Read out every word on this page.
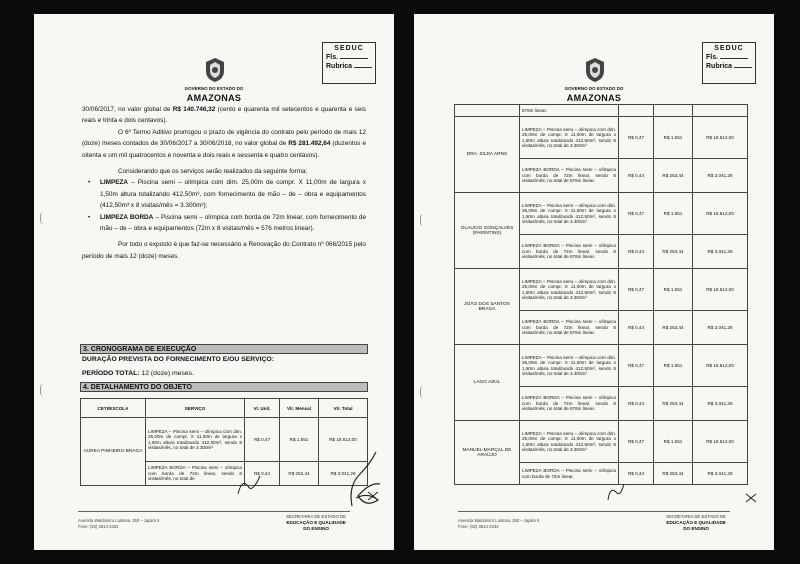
SEDUC
Fls.
Rubrica
GOVERNO DO ESTADO DO
AMAZONAS

30/06/2017, no valor global de R$ 140.746,32 (cento e quarenta mil setecentos e quarenta e seis reais e trinta e dois centavos).

O 6º Termo Aditivo prorrogou o prazo de vigência do contrato pelo período de mais 12 (doze) meses contados de 30/06/2017 a 30/06/2018, no valor global de R$ 281.492,64 (duzentos e oitenta e um mil quatrocentos e noventa e dois reais e sessenta e quatro centavos).

Considerando que os serviços serão realizados da seguinte forma:

• LIMPEZA – Piscina semi – olímpica com dim. 25,00m de compr. X 11,00m de largura x 1,50m altura totalizando 412,50m³, com fornecimento de mão – de – obra e equipamentos (412,50m³ x 8 visitas/mês = 3.300m³);

• LIMPEZA BORDA – Piscina semi – olímpica com borda de 72m linear, com fornecimento de mão – de – obra e equipamentos (72m x 8 visitas/mês = 576 metros linear).

Por todo o exposto é que faz-se necessário a Renovação do Contrato nº 066/2015 pelo período de mais 12 (doze) meses.

3. CRONOGRAMA DE EXECUÇÃO
DURAÇÃO PREVISTA DO FORNECIMENTO E/OU SERVIÇO:
PERÍODO TOTAL: 12 (doze) meses.
4. DETALHAMENTO DO OBJETO
CETI/ESCOLA	SERVIÇO	Vl. Unit.	Vlr. Mensal	Vlr. Total
AUREA PINHEIRO BRAGA	LIMPEZA – Piscina semi – olímpica com dim. 25,00m de compr. X 11,00m de largura x 1,50m altura totalizando 412,50m³, sendo 8 visitas/mês, no total de 3.300m³	R$ 0,47	R$ 1.551	R$ 18.612,00
	LIMPEZA BORDA – Piscina semi – olímpica com borda de 72m linear, sendo 8 visitas/mês, no total de	R$ 0,44	R$ 253,44	R$ 3.041,28
Avenida Waldomiro Lustosa, 250 – Japiim II
Fone: (92) 3614-2333
SECRETARIA DE ESTADO DE
EDUCAÇÃO E QUALIDADE
DO ENSINO
SEDUC
Fls.
Rubrica
GOVERNO DO ESTADO DO
AMAZONAS
	576m linear.			
DRA. ZILDA ARNS	LIMPEZA – Piscina semi – olímpica com dim. 25,00m de compr. X 11,00m de largura x 1,50m altura totalizando 412,50m³, sendo 8 visitas/mês, no total de 3.300m³	R$ 0,47	R$ 1.551	R$ 18.612,00
	LIMPEZA BORDA – Piscina semi – olímpica com borda de 72m linear, sendo 8 visitas/mês, no total de 576m linear.	R$ 0,44	R$ 253,44	R$ 3.041,28
GLAUCIO GONÇALVES (PARINTINS)	LIMPEZA – Piscina semi – olímpica com dim. 25,00m de compr. X 11,00m de largura x 1,50m altura totalizando 412,50m³, sendo 8 visitas/mês, no total de 3.300m³	R$ 0,47	R$ 1.551	R$ 18.612,00
	LIMPEZA BORDA – Piscina semi – olímpica com borda de 72m linear, sendo 8 visitas/mês, no total de 576m linear.	R$ 0,44	R$ 253,44	R$ 3.041,28
JOÃO DOS SANTOS BRAGA	LIMPEZA – Piscina semi – olímpica com dim. 25,00m de compr. X 11,00m de largura x 1,50m altura totalizando 412,50m³, sendo 8 visitas/mês, no total de 3.300m³	R$ 0,47	R$ 1.551	R$ 18.612,00
	LIMPEZA BORDA – Piscina semi – olímpica com borda de 72m linear, sendo 8 visitas/mês, no total de 576m linear.	R$ 0,44	R$ 253,44	R$ 3.041,28
LAGO AZUL	LIMPEZA – Piscina semi – olímpica com dim. 25,00m de compr. X 11,00m de largura x 1,50m altura totalizando 412,50m³, sendo 8 visitas/mês, no total de 3.300m³	R$ 0,47	R$ 1.551	R$ 18.612,00
	LIMPEZA BORDA – Piscina semi – olímpica com borda de 72m linear, sendo 8 visitas/mês, no total de 576m linear.	R$ 0,44	R$ 253,44	R$ 3.041,28
MANUEL MARÇAL DE ARAÚJO	LIMPEZA – Piscina semi – olímpica com dim. 25,00m de compr. X 11,00m de largura x 1,50m altura totalizando 412,50m³, sendo 8 visitas/mês, no total de 3.300m³	R$ 0,47	R$ 1.551	R$ 18.612,00
	LIMPEZA BORDA – Piscina semi – olímpica com borda de 72m linear,	R$ 0,44	R$ 253,44	R$ 3.041,28
Avenida Waldomiro Lustosa, 250 – Japiim II
Fone: (92) 3614-2333
SECRETARIA DE ESTADO DE
EDUCAÇÃO E QUALIDADE
DO ENSINO
